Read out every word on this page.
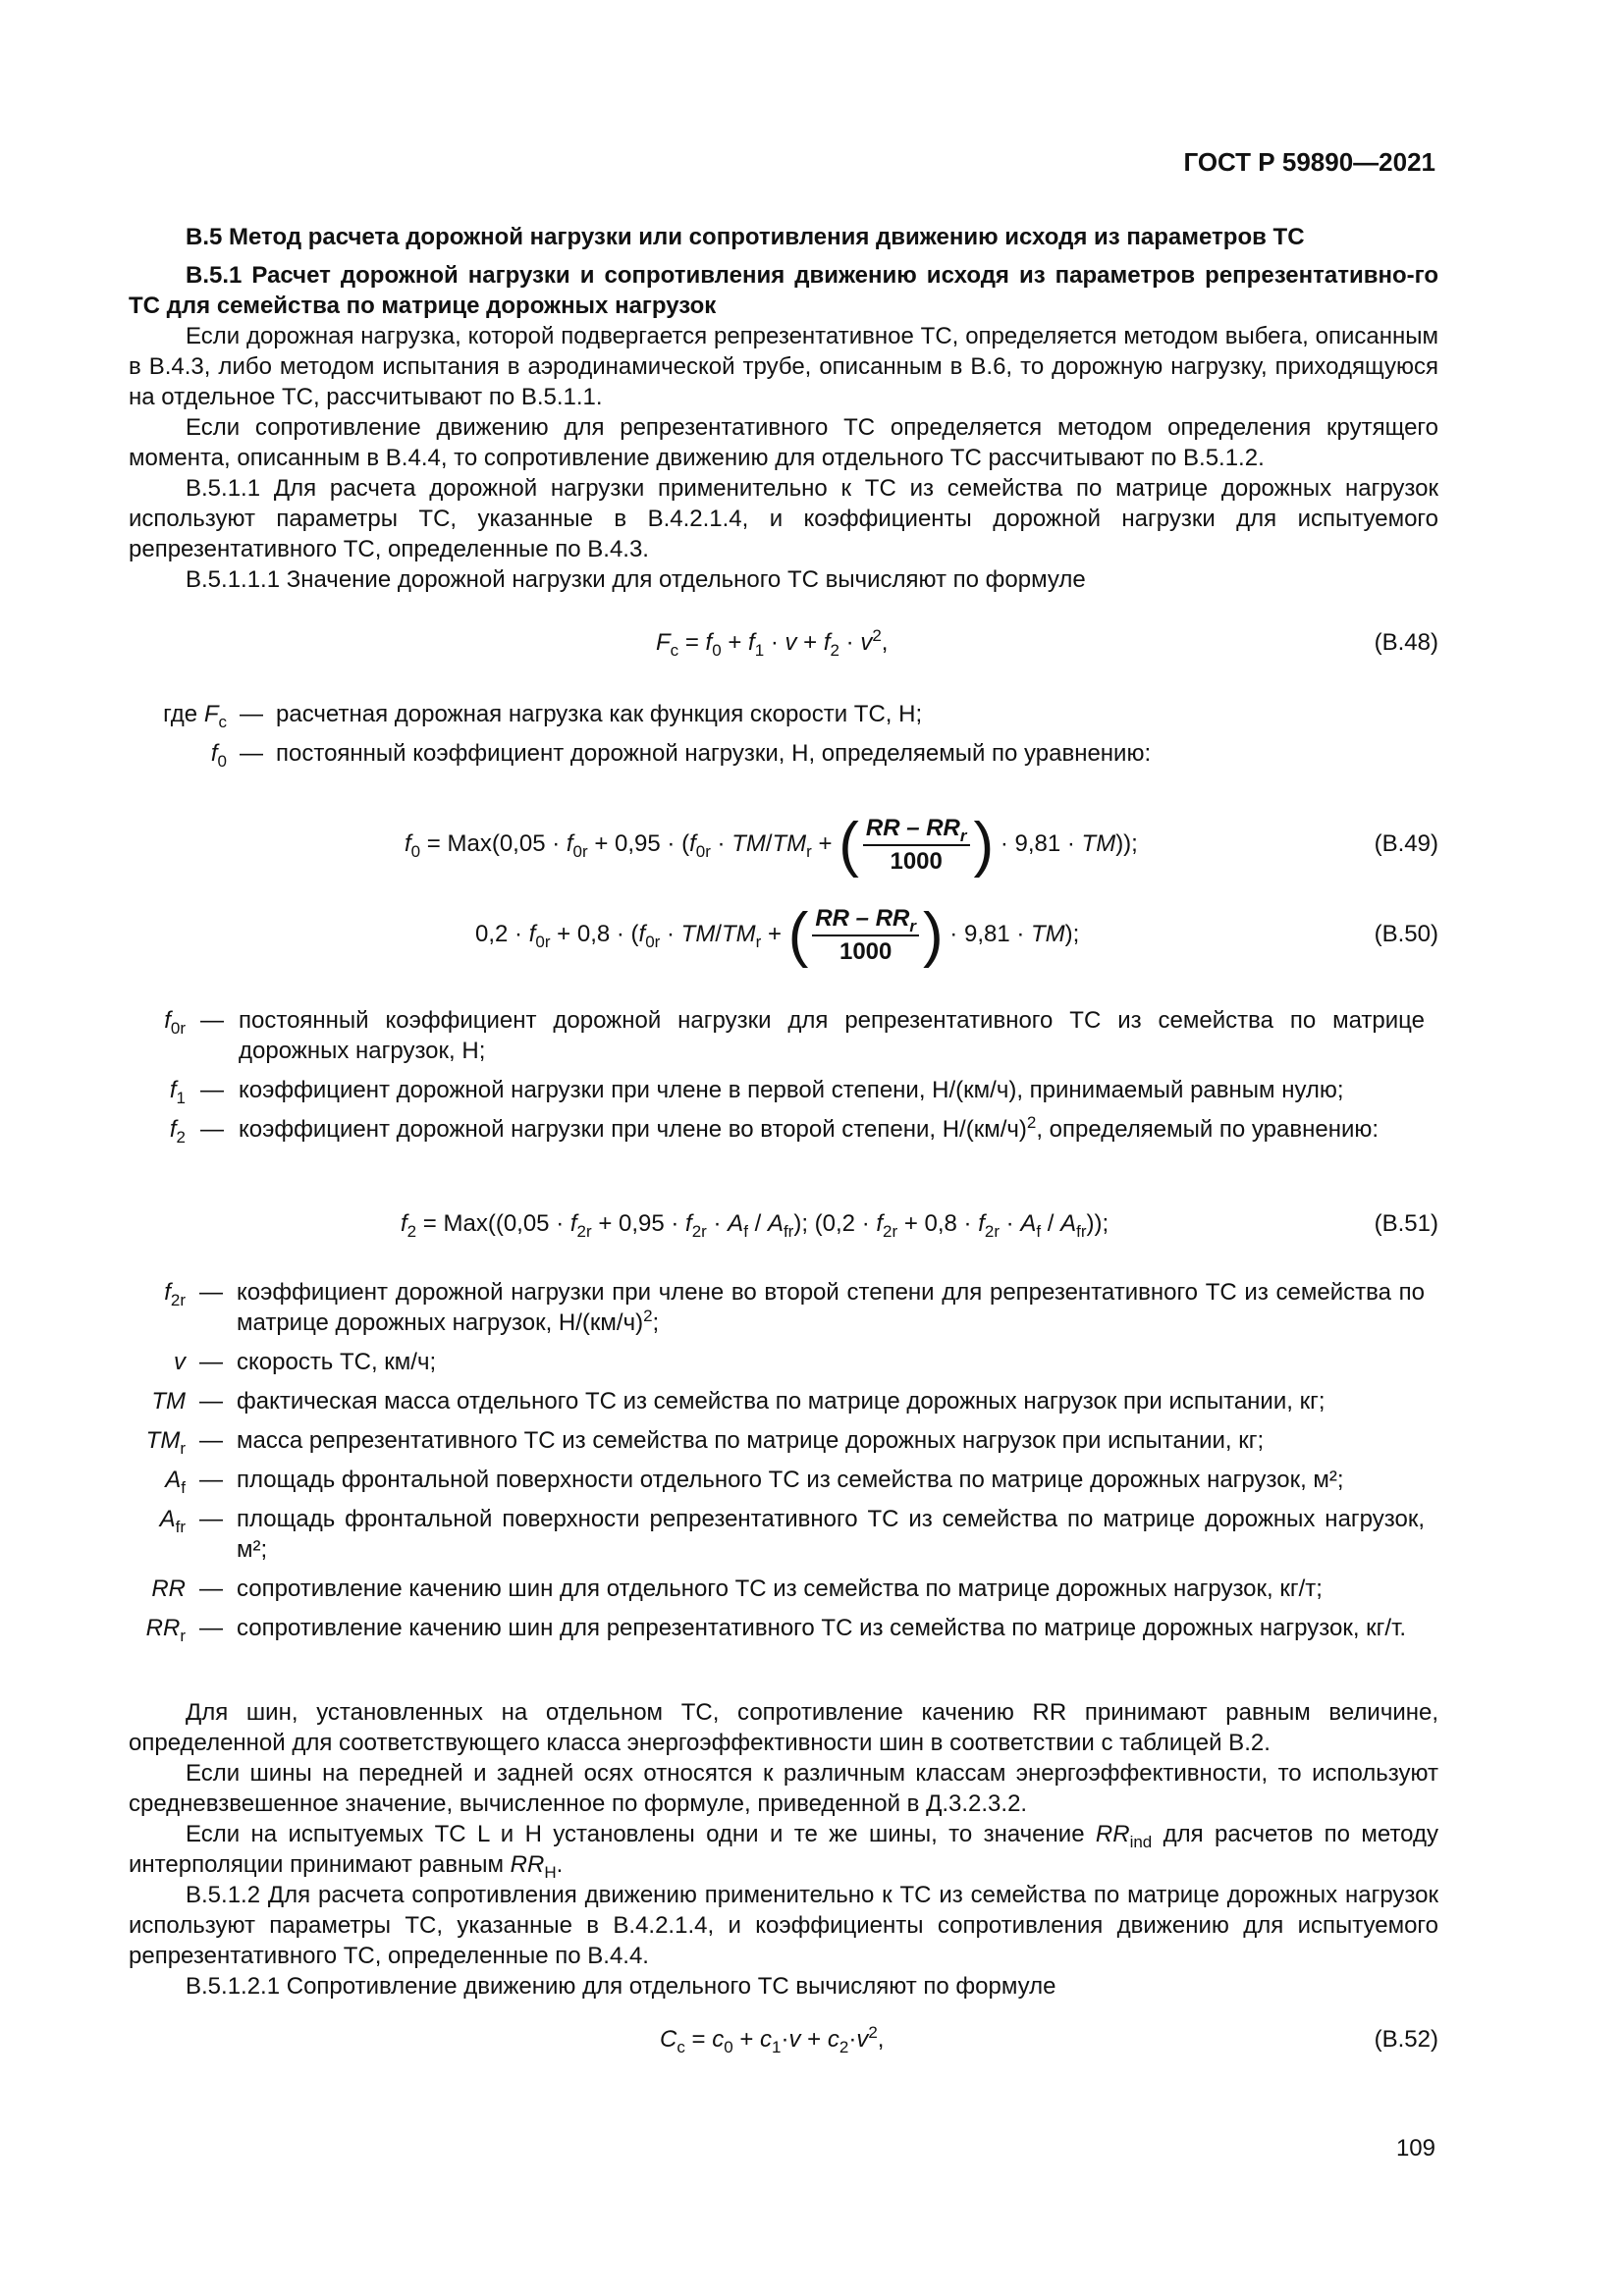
ГОСТ Р 59890—2021

В.5 Метод расчета дорожной нагрузки или сопротивления движению исходя из параметров ТС

В.5.1 Расчет дорожной нагрузки и сопротивления движению исходя из параметров репрезентативно-го ТС для семейства по матрице дорожных нагрузок

Если дорожная нагрузка, которой подвергается репрезентативное ТС, определяется методом выбега, описанным в В.4.3, либо методом испытания в аэродинамической трубе, описанным в В.6, то дорожную нагрузку, приходящуюся на отдельное ТС, рассчитывают по В.5.1.1.

Если сопротивление движению для репрезентативного ТС определяется методом определения крутящего момента, описанным в В.4.4, то сопротивление движению для отдельного ТС рассчитывают по В.5.1.2.

В.5.1.1 Для расчета дорожной нагрузки применительно к ТС из семейства по матрице дорожных нагрузок используют параметры ТС, указанные в В.4.2.1.4, и коэффициенты дорожной нагрузки для испытуемого репрезентативного ТС, определенные по В.4.3.

В.5.1.1.1 Значение дорожной нагрузки для отдельного ТС вычисляют по формуле

$F_c = f_0 + f_1 \cdot v + f_2 \cdot v^2$,	(В.48)
где $F_c$ — расчетная дорожная нагрузка как функция скорости ТС, Н;
$f_0$ — постоянный коэффициент дорожной нагрузки, Н, определяемый по уравнению:
$f_0 = Max(0,05 \cdot f_{0r} + 0,95 \cdot (f_{0r} \cdot TM/TM_r$ + ( RR – $RR_r$
1000 ) · 9,81 · TM));	(В.49)
$0,2 \cdot f_{0r} + 0,8 \cdot (f_{0r} \cdot TM/TM_r$ + ( RR – $RR_r$
1000 ) · 9,81 · TM);	(В.50)
$f_{0r}$ — постоянный коэффициент дорожной нагрузки для репрезентативного ТС из семейства по матрице дорожных нагрузок, Н;
$f_1$ — коэффициент дорожной нагрузки при члене в первой степени, Н/(км/ч), принимаемый равным нулю;
$f_2$ — коэффициент дорожной нагрузки при члене во второй степени, $Н/(км/ч)^2$, определяемый по уравнению:
$f_2 = Max((0,05 \cdot f_{2r} + 0,95 \cdot f_{2r} \cdot A_f / A_{fr})$; $(0,2 \cdot f_{2r} + 0,8 \cdot f_{2r} \cdot A_f / A_{fr})$);	(В.51)
$f_{2r}$ — коэффициент дорожной нагрузки при члене во второй степени для репрезентативного ТС из семейства по матрице дорожных нагрузок, $Н/(км/ч)^2$;
v — скорость ТС, км/ч;
TM — фактическая масса отдельного ТС из семейства по матрице дорожных нагрузок при испытании, кг;
$TM_r$ — масса репрезентативного ТС из семейства по матрице дорожных нагрузок при испытании, кг;
$A_f$ — площадь фронтальной поверхности отдельного ТС из семейства по матрице дорожных нагрузок, м²;
$A_{fr}$ — площадь фронтальной поверхности репрезентативного ТС из семейства по матрице дорожных нагрузок, м²;
RR — сопротивление качению шин для отдельного ТС из семейства по матрице дорожных нагрузок, кг/т;
$RR_r$ — сопротивление качению шин для репрезентативного ТС из семейства по матрице дорожных нагрузок, кг/т.

Для шин, установленных на отдельном ТС, сопротивление качению RR принимают равным величине, определенной для соответствующего класса энергоэффективности шин в соответствии с таблицей В.2.

Если шины на передней и задней осях относятся к различным классам энергоэффективности, то используют средневзвешенное значение, вычисленное по формуле, приведенной в Д.3.2.3.2.

Если на испытуемых ТС L и H установлены одни и те же шины, то значение $RR_{ind}$ для расчетов по методу интерполяции принимают равным $RR_H$.

В.5.1.2 Для расчета сопротивления движению применительно к ТС из семейства по матрице дорожных нагрузок используют параметры ТС, указанные в В.4.2.1.4, и коэффициенты сопротивления движению для испытуемого репрезентативного ТС, определенные по В.4.4.

В.5.1.2.1 Сопротивление движению для отдельного ТС вычисляют по формуле

$C_c = c_0 + c_1\cdot v + c_2\cdot v^2$,	(В.52)
109
